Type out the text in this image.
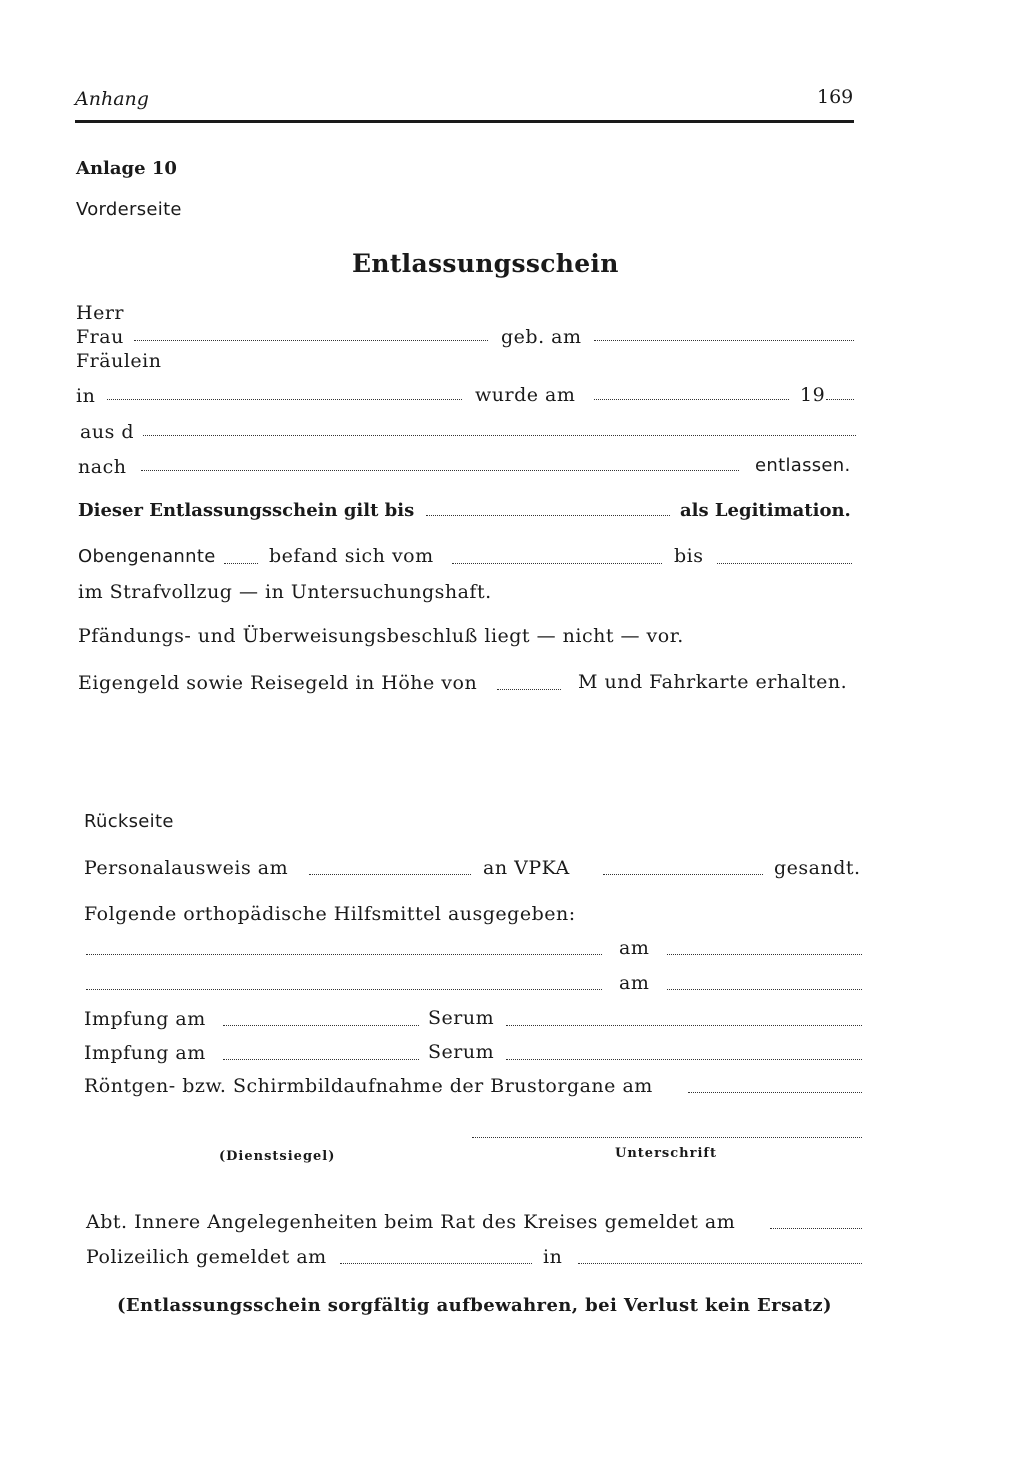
Anhang	169
Anlage 10
Vorderseite
Entlassungsschein
Herr
Frau
Fräulein
geb. am
in	wurde am	19
aus d
nach	entlassen.
Dieser Entlassungsschein gilt bis	als Legitimation.
Obengenannte	befand sich vom	bis
im Strafvollzug — in Untersuchungshaft.
Pfändungs- und Überweisungsbeschluß liegt — nicht — vor.
Eigengeld sowie Reisegeld in Höhe von	M und Fahrkarte erhalten.
Rückseite
Personalausweis am	an VPKA	gesandt.
Folgende orthopädische Hilfsmittel ausgegeben:
am
am
Impfung am	Serum
Impfung am	Serum
Röntgen- bzw. Schirmbildaufnahme der Brustorgane am
(Dienstsiegel)	Unterschrift
Abt. Innere Angelegenheiten beim Rat des Kreises gemeldet am
Polizeilich gemeldet am	in
(Entlassungsschein sorgfältig aufbewahren, bei Verlust kein Ersatz)
